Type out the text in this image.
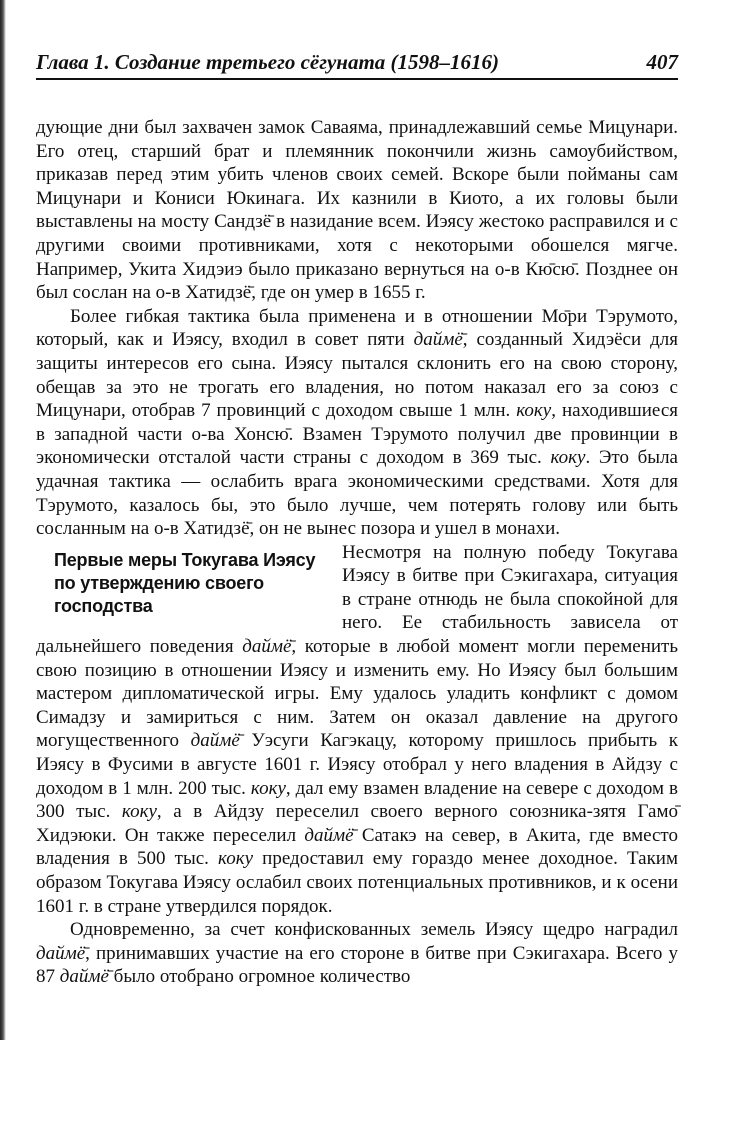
Глава 1. Создание третьего сёгуната (1598–1616)	407

дующие дни был захвачен замок Саваяма, принадлежавший семье Мицунари. Его отец, старший брат и племянник покончили жизнь самоубийством, приказав перед этим убить членов своих семей. Вскоре были пойманы сам Мицунари и Кониси Юкинага. Их казнили в Киото, а их головы были выставлены на мосту Сандзё̄ в назидание всем. Иэясу жестоко расправился и с другими своими противниками, хотя с некоторыми обошелся мягче. Например, Укита Хидэиэ было приказано вернуться на о-в Кю̄сю̄. Позднее он был сослан на о-в Хатидзё̄, где он умер в 1655 г.

Более гибкая тактика была применена и в отношении Мо̄ри Тэрумото, который, как и Иэясу, входил в совет пяти даймё̄, созданный Хидэёси для защиты интересов его сына. Иэясу пытался склонить его на свою сторону, обещав за это не трогать его владения, но потом наказал его за союз с Мицунари, отобрав 7 провинций с доходом свыше 1 млн. коку, находившиеся в западной части о-ва Хонсю̄. Взамен Тэрумото получил две провинции в экономически отсталой части страны с доходом в 369 тыс. коку. Это была удачная тактика — ослабить врага экономическими средствами. Хотя для Тэрумото, казалось бы, это было лучше, чем потерять голову или быть сосланным на о-в Хатидзё̄, он не вынес позора и ушел в монахи.

Первые меры Токугава Иэясу по утверждению своего господства

Несмотря на полную победу Токугава Иэясу в битве при Сэкигахара, ситуация в стране отнюдь не была спокойной для него. Ее стабильность зависела от дальнейшего поведения даймё̄, которые в любой момент могли переменить свою позицию в отношении Иэясу и изменить ему. Но Иэясу был большим мастером дипломатической игры. Ему удалось уладить конфликт с домом Симадзу и замириться с ним. Затем он оказал давление на другого могущественного даймё̄ Уэсуги Кагэкацу, которому пришлось прибыть к Иэясу в Фусими в августе 1601 г. Иэясу отобрал у него владения в Айдзу с доходом в 1 млн. 200 тыс. коку, дал ему взамен владение на севере с доходом в 300 тыс. коку, а в Айдзу переселил своего верного союзника-зятя Гамо̄ Хидэюки. Он также переселил даймё̄ Сатакэ на север, в Акита, где вместо владения в 500 тыс. коку предоставил ему гораздо менее доходное. Таким образом Токугава Иэясу ослабил своих потенциальных противников, и к осени 1601 г. в стране утвердился порядок.

Одновременно, за счет конфискованных земель Иэясу щедро наградил даймё̄, принимавших участие на его стороне в битве при Сэкигахара. Всего у 87 даймё̄ было отобрано огромное количество
